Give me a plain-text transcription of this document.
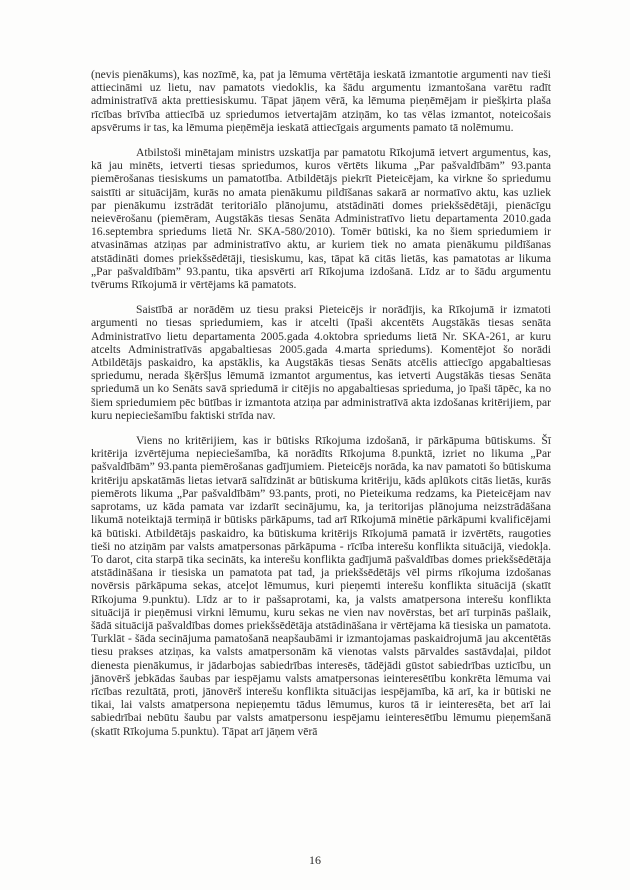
(nevis pienākums), kas nozīmē, ka, pat ja lēmuma vērtētāja ieskatā izmantotie argumenti nav tieši attiecināmi uz lietu, nav pamatots viedoklis, ka šādu argumentu izmantošana varētu radīt administratīvā akta prettiesiskumu. Tāpat jāņem vērā, ka lēmuma pieņēmējam ir piešķirta plaša rīcības brīvība attiecībā uz spriedumos ietvertajām atziņām, ko tas vēlas izmantot, noteicošais apsvērums ir tas, ka lēmuma pieņēmēja ieskatā attiecīgais arguments pamato tā nolēmumu.

Atbilstoši minētajam ministrs uzskatīja par pamatotu Rīkojumā ietvert argumentus, kas, kā jau minēts, ietverti tiesas spriedumos, kuros vērtēts likuma „Par pašvaldībām” 93.panta piemērošanas tiesiskums un pamatotība. Atbildētājs piekrīt Pieteicējam, ka virkne šo spriedumu saistīti ar situācijām, kurās no amata pienākumu pildīšanas sakarā ar normatīvo aktu, kas uzliek par pienākumu izstrādāt teritoriālo plānojumu, atstādināti domes priekšsēdētāji, pienācīgu neievērošanu (piemēram, Augstākās tiesas Senāta Administratīvo lietu departamenta 2010.gada 16.septembra spriedums lietā Nr. SKA-580/2010). Tomēr būtiski, ka no šiem spriedumiem ir atvasināmas atziņas par administratīvo aktu, ar kuriem tiek no amata pienākumu pildīšanas atstādināti domes priekšsēdētāji, tiesiskumu, kas, tāpat kā citās lietās, kas pamatotas ar likuma „Par pašvaldībām” 93.pantu, tika apsvērti arī Rīkojuma izdošanā. Līdz ar to šādu argumentu tvērums Rīkojumā ir vērtējams kā pamatots.

Saistībā ar norādēm uz tiesu praksi Pieteicējs ir norādījis, ka Rīkojumā ir izmatoti argumenti no tiesas spriedumiem, kas ir atcelti (īpaši akcentēts Augstākās tiesas senāta Administratīvo lietu departamenta 2005.gada 4.oktobra spriedums lietā Nr. SKA-261, ar kuru atcelts Administratīvās apgabaltiesas 2005.gada 4.marta spriedums). Komentējot šo norādi Atbildētājs paskaidro, ka apstāklis, ka Augstākās tiesas Senāts atcēlis attiecīgo apgabaltiesas spriedumu, nerada šķēršļus lēmumā izmantot argumentus, kas ietverti Augstākās tiesas Senāta spriedumā un ko Senāts savā spriedumā ir citējis no apgabaltiesas sprieduma, jo īpaši tāpēc, ka no šiem spriedumiem pēc būtības ir izmantota atziņa par administratīvā akta izdošanas kritērijiem, par kuru nepieciešamību faktiski strīda nav.

Viens no kritērijiem, kas ir būtisks Rīkojuma izdošanā, ir pārkāpuma būtiskums. Šī kritērija izvērtējuma nepieciešamība, kā norādīts Rīkojuma 8.punktā, izriet no likuma „Par pašvaldībām” 93.panta piemērošanas gadījumiem. Pieteicējs norāda, ka nav pamatoti šo būtiskuma kritēriju apskatāmās lietas ietvarā salīdzināt ar būtiskuma kritēriju, kāds aplūkots citās lietās, kurās piemērots likuma „Par pašvaldībām” 93.pants, proti, no Pieteikuma redzams, ka Pieteicējam nav saprotams, uz kāda pamata var izdarīt secinājumu, ka, ja teritorijas plānojuma neizstrādāšana likumā noteiktajā termiņā ir būtisks pārkāpums, tad arī Rīkojumā minētie pārkāpumi kvalificējami kā būtiski. Atbildētājs paskaidro, ka būtiskuma kritērijs Rīkojumā pamatā ir izvērtēts, raugoties tieši no atziņām par valsts amatpersonas pārkāpuma - rīcība interešu konflikta situācijā, viedokļa. To darot, cita starpā tika secināts, ka interešu konflikta gadījumā pašvaldības domes priekšsēdētāja atstādināšana ir tiesiska un pamatota pat tad, ja priekšsēdētājs vēl pirms rīkojuma izdošanas novērsis pārkāpuma sekas, atceļot lēmumus, kuri pieņemti interešu konflikta situācijā (skatīt Rīkojuma 9.punktu). Līdz ar to ir pašsaprotami, ka, ja valsts amatpersona interešu konflikta situācijā ir pieņēmusi virkni lēmumu, kuru sekas ne vien nav novērstas, bet arī turpinās pašlaik, šādā situācijā pašvaldības domes priekšsēdētāja atstādināšana ir vērtējama kā tiesiska un pamatota. Turklāt - šāda secinājuma pamatošanā neapšaubāmi ir izmantojamas paskaidrojumā jau akcentētās tiesu prakses atziņas, ka valsts amatpersonām kā vienotas valsts pārvaldes sastāvdaļai, pildot dienesta pienākumus, ir jādarbojas sabiedrības interesēs, tādējādi gūstot sabiedrības uzticību, un jānovērš jebkādas šaubas par iespējamu valsts amatpersonas ieinteresētību konkrēta lēmuma vai rīcības rezultātā, proti, jānovērš interešu konflikta situācijas iespējamība, kā arī, ka ir būtiski ne tikai, lai valsts amatpersona nepieņemtu tādus lēmumus, kuros tā ir ieinteresēta, bet arī lai sabiedrībai nebūtu šaubu par valsts amatpersonu iespējamu ieinteresētību lēmumu pieņemšanā (skatīt Rīkojuma 5.punktu). Tāpat arī jāņem vērā

16
